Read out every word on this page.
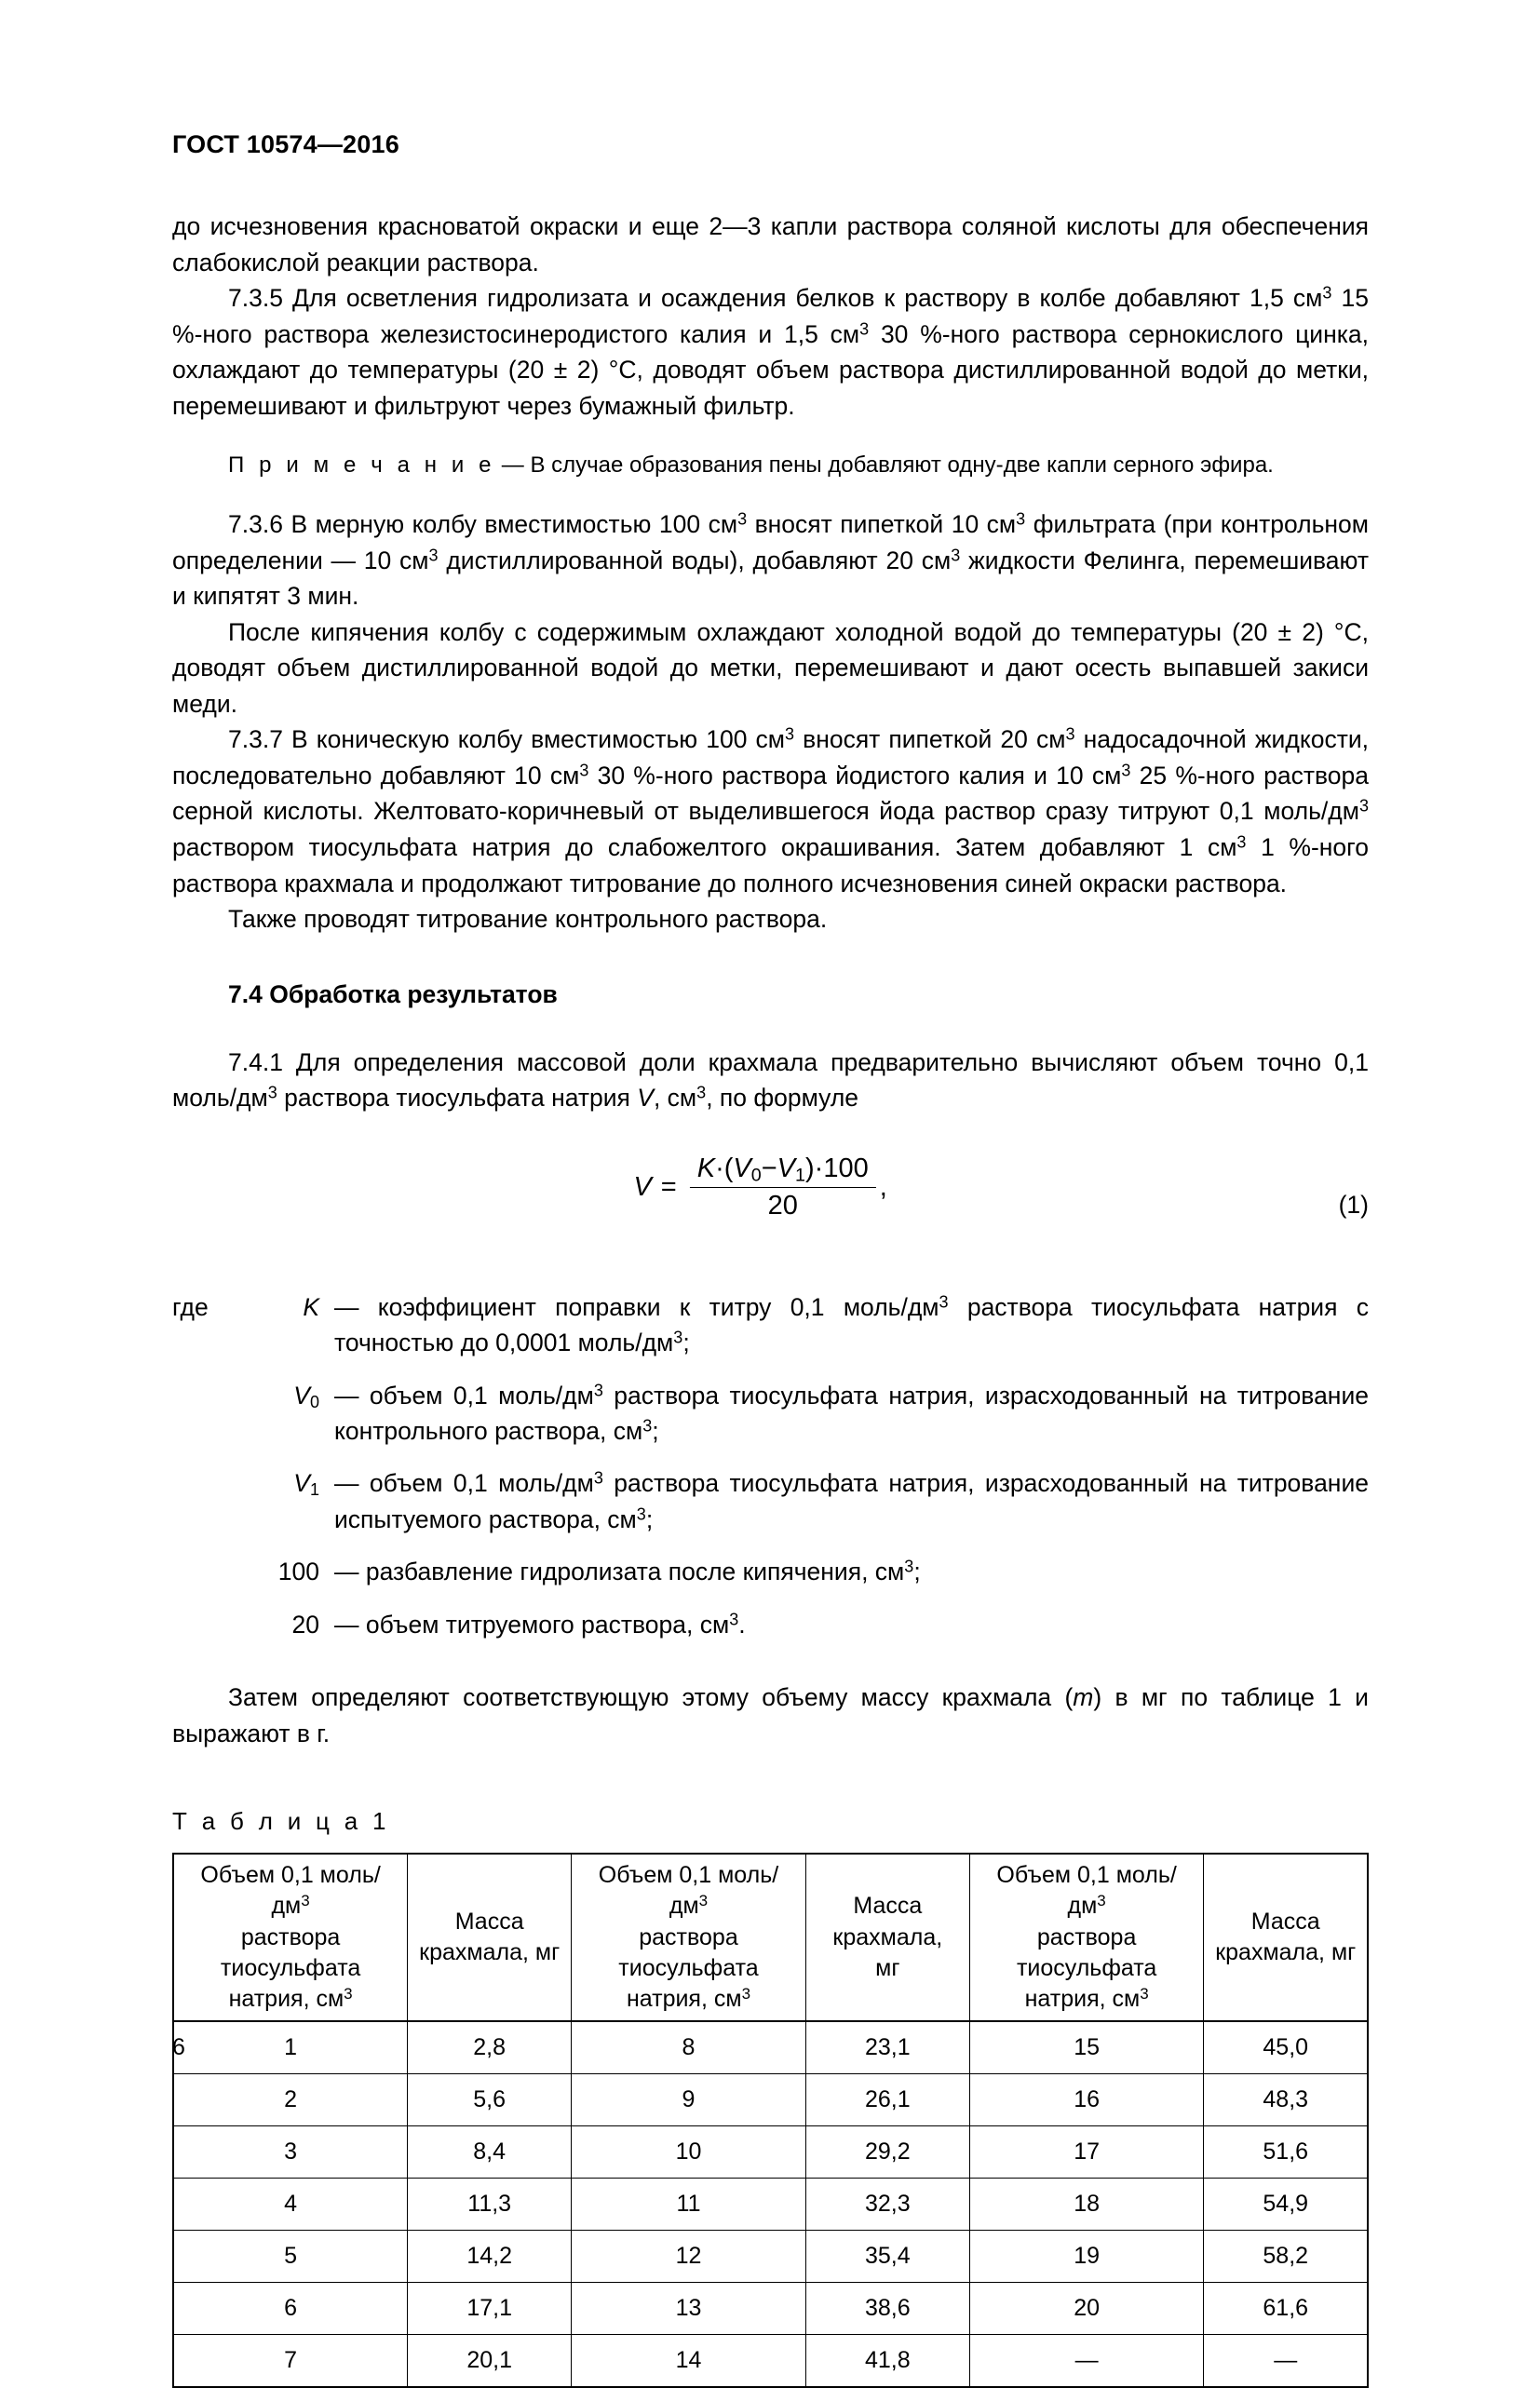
ГОСТ 10574—2016

до исчезновения красноватой окраски и еще 2—3 капли раствора соляной кислоты для обеспечения слабокислой реакции раствора.

7.3.5 Для осветления гидролизата и осаждения белков к раствору в колбе добавляют 1,5 $см^3$ 15 %-ного раствора железистосинеродистого калия и 1,5 $см^3$ 30 %-ного раствора сернокислого цинка, охлаждают до температуры (20 ± 2) °C, доводят объем раствора дистиллированной водой до метки, перемешивают и фильтруют через бумажный фильтр.

П р и м е ч а н и е — В случае образования пены добавляют одну-две капли серного эфира.

7.3.6 В мерную колбу вместимостью 100 $см^3$ вносят пипеткой 10 $см^3$ фильтрата (при контрольном определении — 10 $см^3$ дистиллированной воды), добавляют 20 $см^3$ жидкости Фелинга, перемешивают и кипятят 3 мин.

После кипячения колбу с содержимым охлаждают холодной водой до температуры (20 ± 2) °C, доводят объем дистиллированной водой до метки, перемешивают и дают осесть выпавшей закиси меди.

7.3.7 В коническую колбу вместимостью 100 $см^3$ вносят пипеткой 20 $см^3$ надосадочной жидкости, последовательно добавляют 10 $см^3$ 30 %-ного раствора йодистого калия и 10 $см^3$ 25 %-ного раствора серной кислоты. Желтовато-коричневый от выделившегося йода раствор сразу титруют 0,1 моль/$дм^3$ раствором тиосульфата натрия до слабожелтого окрашивания. Затем добавляют 1 $см^3$ 1 %-ного раствора крахмала и продолжают титрование до полного исчезновения синей окраски раствора.

Также проводят титрование контрольного раствора.

7.4 Обработка результатов

7.4.1 Для определения массовой доли крахмала предварительно вычисляют объем точно 0,1 моль/$дм^3$ раствора тиосульфата натрия V, $см^3$, по формуле

$V = \frac{K\cdot(V_0-V_1)\cdot 100}{20}$ ,
(1)
где	K — коэффициент поправки к титру 0,1 моль/$дм^3$ раствора тиосульфата натрия с точностью до 0,0001 моль/$дм^3$;
$V_0$ — объем 0,1 моль/$дм^3$ раствора тиосульфата натрия, израсходованный на титрование контрольного раствора, $см^3$;
$V_1$ — объем 0,1 моль/$дм^3$ раствора тиосульфата натрия, израсходованный на титрование испытуемого раствора, $см^3$;
100 — разбавление гидролизата после кипячения, $см^3$;
20 — объем титруемого раствора, $см^3$.

Затем определяют соответствующую этому объему массу крахмала (m) в мг по таблице 1 и выражают в г.

Т а б л и ц а 1
Объем 0,1 моль/$дм^3$
раствора тиосульфата
натрия, $см^3$	Масса
крахмала, мг	Объем 0,1 моль/$дм^3$
раствора тиосульфата
натрия, $см^3$	Масса
крахмала,
мг	Объем 0,1 моль/$дм^3$
раствора тиосульфата
натрия, $см^3$	Масса
крахмала, мг
1	2,8	8	23,1	15	45,0
2	5,6	9	26,1	16	48,3
3	8,4	10	29,2	17	51,6
4	11,3	11	32,3	18	54,9
5	14,2	12	35,4	19	58,2
6	17,1	13	38,6	20	61,6
7	20,1	14	41,8	—	—
6
